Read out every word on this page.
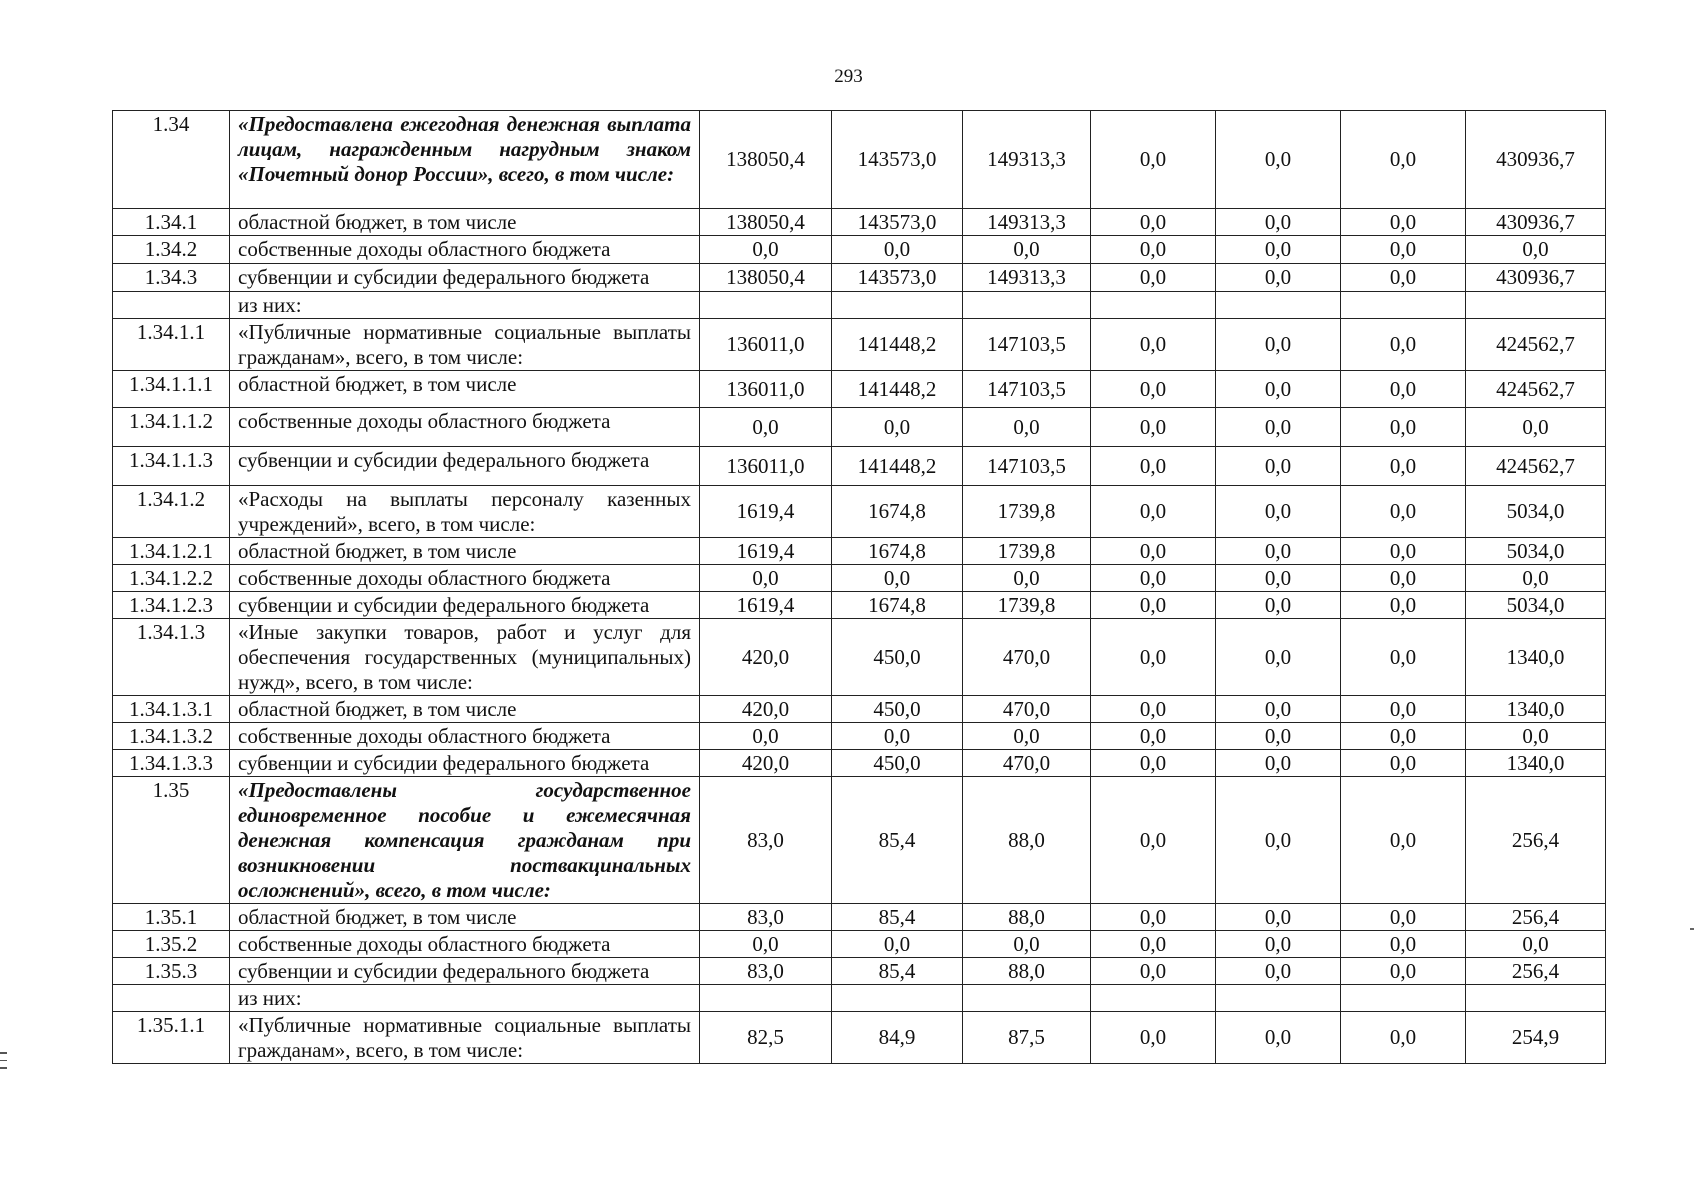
293
1.34	«Предоставлена ежегодная денежная выплата лицам, награжденным нагрудным знаком «Почетный донор России», всего, в том числе:	138050,4	143573,0	149313,3	0,0	0,0	0,0	430936,7
1.34.1	областной бюджет, в том числе	138050,4	143573,0	149313,3	0,0	0,0	0,0	430936,7
1.34.2	собственные доходы областного бюджета	0,0	0,0	0,0	0,0	0,0	0,0	0,0
1.34.3	субвенции и субсидии федерального бюджета	138050,4	143573,0	149313,3	0,0	0,0	0,0	430936,7
	из них:							
1.34.1.1	«Публичные нормативные социальные выплаты гражданам», всего, в том числе:	136011,0	141448,2	147103,5	0,0	0,0	0,0	424562,7
1.34.1.1.1	областной бюджет, в том числе	136011,0	141448,2	147103,5	0,0	0,0	0,0	424562,7
1.34.1.1.2	собственные доходы областного бюджета	0,0	0,0	0,0	0,0	0,0	0,0	0,0
1.34.1.1.3	субвенции и субсидии федерального бюджета	136011,0	141448,2	147103,5	0,0	0,0	0,0	424562,7
1.34.1.2	«Расходы на выплаты персоналу казенных учреждений», всего, в том числе:	1619,4	1674,8	1739,8	0,0	0,0	0,0	5034,0
1.34.1.2.1	областной бюджет, в том числе	1619,4	1674,8	1739,8	0,0	0,0	0,0	5034,0
1.34.1.2.2	собственные доходы областного бюджета	0,0	0,0	0,0	0,0	0,0	0,0	0,0
1.34.1.2.3	субвенции и субсидии федерального бюджета	1619,4	1674,8	1739,8	0,0	0,0	0,0	5034,0
1.34.1.3	«Иные закупки товаров, работ и услуг для обеспечения государственных (муниципальных) нужд», всего, в том числе:	420,0	450,0	470,0	0,0	0,0	0,0	1340,0
1.34.1.3.1	областной бюджет, в том числе	420,0	450,0	470,0	0,0	0,0	0,0	1340,0
1.34.1.3.2	собственные доходы областного бюджета	0,0	0,0	0,0	0,0	0,0	0,0	0,0
1.34.1.3.3	субвенции и субсидии федерального бюджета	420,0	450,0	470,0	0,0	0,0	0,0	1340,0
1.35	«Предоставлены государственное единовременное пособие и ежемесячная денежная компенсация гражданам при возникновении поствакцинальных осложнений», всего, в том числе:	83,0	85,4	88,0	0,0	0,0	0,0	256,4
1.35.1	областной бюджет, в том числе	83,0	85,4	88,0	0,0	0,0	0,0	256,4
1.35.2	собственные доходы областного бюджета	0,0	0,0	0,0	0,0	0,0	0,0	0,0
1.35.3	субвенции и субсидии федерального бюджета	83,0	85,4	88,0	0,0	0,0	0,0	256,4
	из них:							
1.35.1.1	«Публичные нормативные социальные выплаты гражданам», всего, в том числе:	82,5	84,9	87,5	0,0	0,0	0,0	254,9
